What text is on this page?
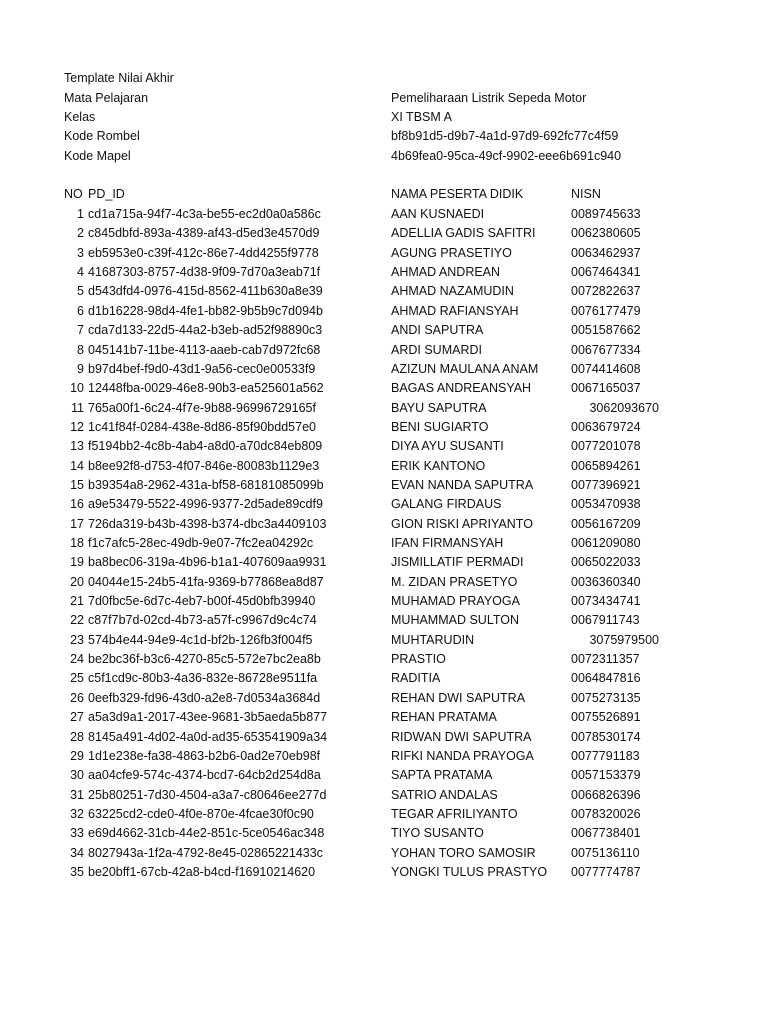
Template Nilai Akhir
Mata Pelajaran	Pemeliharaan Listrik Sepeda Motor
Kelas	XI TBSM A
Kode Rombel	bf8b91d5-d9b7-4a1d-97d9-692fc77c4f59
Kode Mapel	4b69fea0-95ca-49cf-9902-eee6b691c940
NO PD_ID	NAMA PESERTA DIDIK	NISN
1 cd1a715a-94f7-4c3a-be55-ec2d0a0a586c	AAN KUSNAEDI	0089745633
2 c845dbfd-893a-4389-af43-d5ed3e4570d9	ADELLIA GADIS SAFITRI	0062380605
3 eb5953e0-c39f-412c-86e7-4dd4255f9778	AGUNG PRASETIYO	0063462937
4 41687303-8757-4d38-9f09-7d70a3eab71f	AHMAD ANDREAN	0067464341
5 d543dfd4-0976-415d-8562-411b630a8e39	AHMAD NAZAMUDIN	0072822637
6 d1b16228-98d4-4fe1-bb82-9b5b9c7d094b	AHMAD RAFIANSYAH	0076177479
7 cda7d133-22d5-44a2-b3eb-ad52f98890c3	ANDI SAPUTRA	0051587662
8 045141b7-11be-4113-aaeb-cab7d972fc68	ARDI SUMARDI	0067677334
9 b97d4bef-f9d0-43d1-9a56-cec0e00533f9	AZIZUN MAULANA ANAM	0074414608
10 12448fba-0029-46e8-90b3-ea525601a562	BAGAS ANDREANSYAH	0067165037
11 765a00f1-6c24-4f7e-9b88-96996729165f	BAYU SAPUTRA	3062093670
12 1c41f84f-0284-438e-8d86-85f90bdd57e0	BENI SUGIARTO	0063679724
13 f5194bb2-4c8b-4ab4-a8d0-a70dc84eb809	DIYA AYU SUSANTI	0077201078
14 b8ee92f8-d753-4f07-846e-80083b1129e3	ERIK KANTONO	0065894261
15 b39354a8-2962-431a-bf58-68181085099b	EVAN NANDA SAPUTRA	0077396921
16 a9e53479-5522-4996-9377-2d5ade89cdf9	GALANG FIRDAUS	0053470938
17 726da319-b43b-4398-b374-dbc3a4409103	GION RISKI APRIYANTO	0056167209
18 f1c7afc5-28ec-49db-9e07-7fc2ea04292c	IFAN FIRMANSYAH	0061209080
19 ba8bec06-319a-4b96-b1a1-407609aa9931	JISMILLATIF PERMADI	0065022033
20 04044e15-24b5-41fa-9369-b77868ea8d87	M. ZIDAN PRASETYO	0036360340
21 7d0fbc5e-6d7c-4eb7-b00f-45d0bfb39940	MUHAMAD PRAYOGA	0073434741
22 c87f7b7d-02cd-4b73-a57f-c9967d9c4c74	MUHAMMAD SULTON	0067911743
23 574b4e44-94e9-4c1d-bf2b-126fb3f004f5	MUHTARUDIN	3075979500
24 be2bc36f-b3c6-4270-85c5-572e7bc2ea8b	PRASTIO	0072311357
25 c5f1cd9c-80b3-4a36-832e-86728e9511fa	RADITIA	0064847816
26 0eefb329-fd96-43d0-a2e8-7d0534a3684d	REHAN DWI SAPUTRA	0075273135
27 a5a3d9a1-2017-43ee-9681-3b5aeda5b877	REHAN PRATAMA	0075526891
28 8145a491-4d02-4a0d-ad35-653541909a34	RIDWAN DWI SAPUTRA	0078530174
29 1d1e238e-fa38-4863-b2b6-0ad2e70eb98f	RIFKI NANDA PRAYOGA	0077791183
30 aa04cfe9-574c-4374-bcd7-64cb2d254d8a	SAPTA PRATAMA	0057153379
31 25b80251-7d30-4504-a3a7-c80646ee277d	SATRIO ANDALAS	0066826396
32 63225cd2-cde0-4f0e-870e-4fcae30f0c90	TEGAR AFRILIYANTO	0078320026
33 e69d4662-31cb-44e2-851c-5ce0546ac348	TIYO SUSANTO	0067738401
34 8027943a-1f2a-4792-8e45-02865221433c	YOHAN TORO SAMOSIR	0075136110
35 be20bff1-67cb-42a8-b4cd-f16910214620	YONGKI TULUS PRASTYO 0077774787
